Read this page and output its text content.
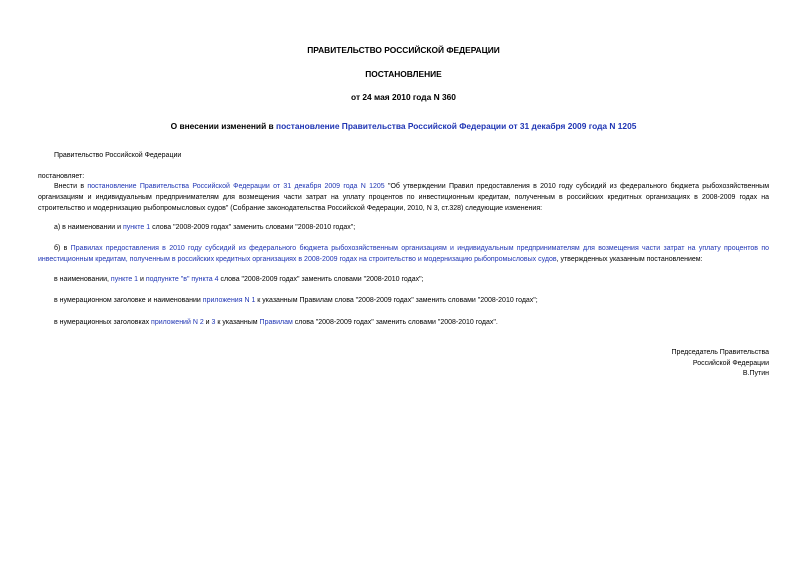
ПРАВИТЕЛЬСТВО РОССИЙСКОЙ ФЕДЕРАЦИИ
ПОСТАНОВЛЕНИЕ
от 24 мая 2010 года N 360
О внесении изменений в постановление Правительства Российской Федерации от 31 декабря 2009 года N 1205
Правительство Российской Федерации
постановляет:
Внести в постановление Правительства Российской Федерации от 31 декабря 2009 года N 1205 "Об утверждении Правил предоставления в 2010 году субсидий из федерального бюджета рыбохозяйственным организациям и индивидуальным предпринимателям для возмещения части затрат на уплату процентов по инвестиционным кредитам, полученным в российских кредитных организациях в 2008-2009 годах на строительство и модернизацию рыбопромысловых судов" (Собрание законодательства Российской Федерации, 2010, N 3, ст.328) следующие изменения:
а) в наименовании и пункте 1 слова "2008-2009 годах" заменить словами "2008-2010 годах";
б) в Правилах предоставления в 2010 году субсидий из федерального бюджета рыбохозяйственным организациям и индивидуальным предпринимателям для возмещения части затрат на уплату процентов по инвестиционным кредитам, полученным в российских кредитных организациях в 2008-2009 годах на строительство и модернизацию рыбопромысловых судов, утвержденных указанным постановлением:
в наименовании, пункте 1 и подпункте "в" пункта 4 слова "2008-2009 годах" заменить словами "2008-2010 годах";
в нумерационном заголовке и наименовании приложения N 1 к указанным Правилам слова "2008-2009 годах" заменить словами "2008-2010 годах";
в нумерационных заголовках приложений N 2 и 3 к указанным Правилам слова "2008-2009 годах" заменить словами "2008-2010 годах".
Председатель Правительства
Российской Федерации
В.Путин
